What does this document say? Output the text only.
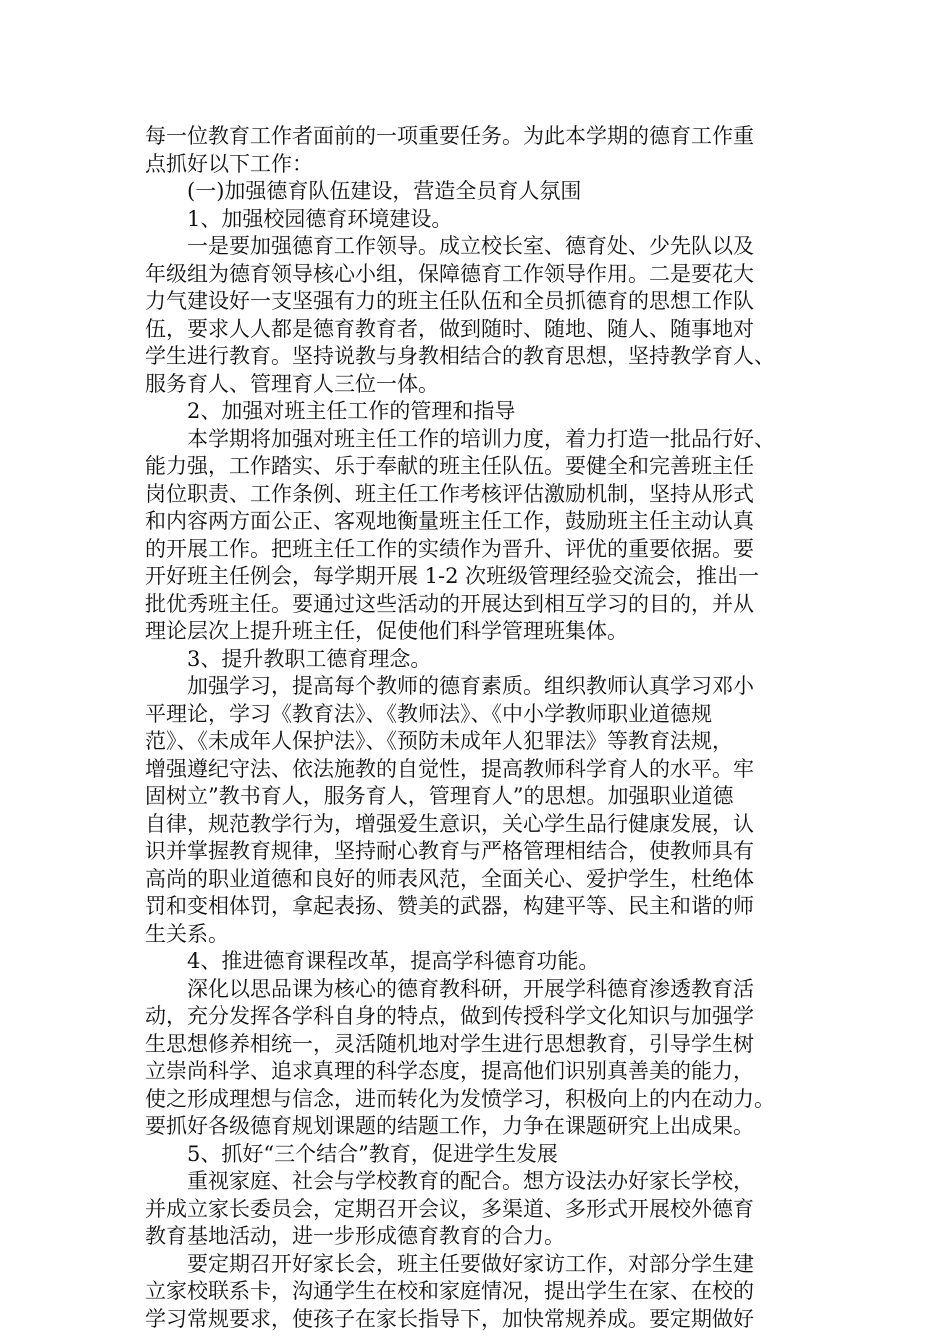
每一位教育工作者面前的一项重要任务。为此本学期的德育工作重
点抓好以下工作：
　　(一)加强德育队伍建设，营造全员育人氛围
　　1、加强校园德育环境建设。
　　一是要加强德育工作领导。成立校长室、德育处、少先队以及
年级组为德育领导核心小组，保障德育工作领导作用。二是要花大
力气建设好一支坚强有力的班主任队伍和全员抓德育的思想工作队
伍，要求人人都是德育教育者，做到随时、随地、随人、随事地对
学生进行教育。坚持说教与身教相结合的教育思想，坚持教学育人、
服务育人、管理育人三位一体。
　　2、加强对班主任工作的管理和指导
　　本学期将加强对班主任工作的培训力度，着力打造一批品行好、
能力强，工作踏实、乐于奉献的班主任队伍。要健全和完善班主任
岗位职责、工作条例、班主任工作考核评估激励机制，坚持从形式
和内容两方面公正、客观地衡量班主任工作，鼓励班主任主动认真
的开展工作。把班主任工作的实绩作为晋升、评优的重要依据。要
开好班主任例会，每学期开展 1-2 次班级管理经验交流会，推出一
批优秀班主任。要通过这些活动的开展达到相互学习的目的，并从
理论层次上提升班主任，促使他们科学管理班集体。
　　3、提升教职工德育理念。
　　加强学习，提高每个教师的德育素质。组织教师认真学习邓小
平理论，学习《教育法》、《教师法》、《中小学教师职业道德规
范》、《未成年人保护法》、《预防未成年人犯罪法》等教育法规，
增强遵纪守法、依法施教的自觉性，提高教师科学育人的水平。牢
固树立”教书育人，服务育人，管理育人”的思想。加强职业道德
自律，规范教学行为，增强爱生意识，关心学生品行健康发展，认
识并掌握教育规律，坚持耐心教育与严格管理相结合，使教师具有
高尚的职业道德和良好的师表风范，全面关心、爱护学生，杜绝体
罚和变相体罚，拿起表扬、赞美的武器，构建平等、民主和谐的师
生关系。
　　4、推进德育课程改革，提高学科德育功能。
　　深化以思品课为核心的德育教科研，开展学科德育渗透教育活
动，充分发挥各学科自身的特点，做到传授科学文化知识与加强学
生思想修养相统一，灵活随机地对学生进行思想教育，引导学生树
立崇尚科学、追求真理的科学态度，提高他们识别真善美的能力，
使之形成理想与信念，进而转化为发愤学习，积极向上的内在动力。
要抓好各级德育规划课题的结题工作，力争在课题研究上出成果。
　　5、抓好“三个结合”教育，促进学生发展
　　重视家庭、社会与学校教育的配合。想方设法办好家长学校，
并成立家长委员会，定期召开会议，多渠道、多形式开展校外德育
教育基地活动，进一步形成德育教育的合力。
　　要定期召开好家长会，班主任要做好家访工作，对部分学生建
立家校联系卡，沟通学生在校和家庭情况，提出学生在家、在校的
学习常规要求，使孩子在家长指导下，加快常规养成。要定期做好
